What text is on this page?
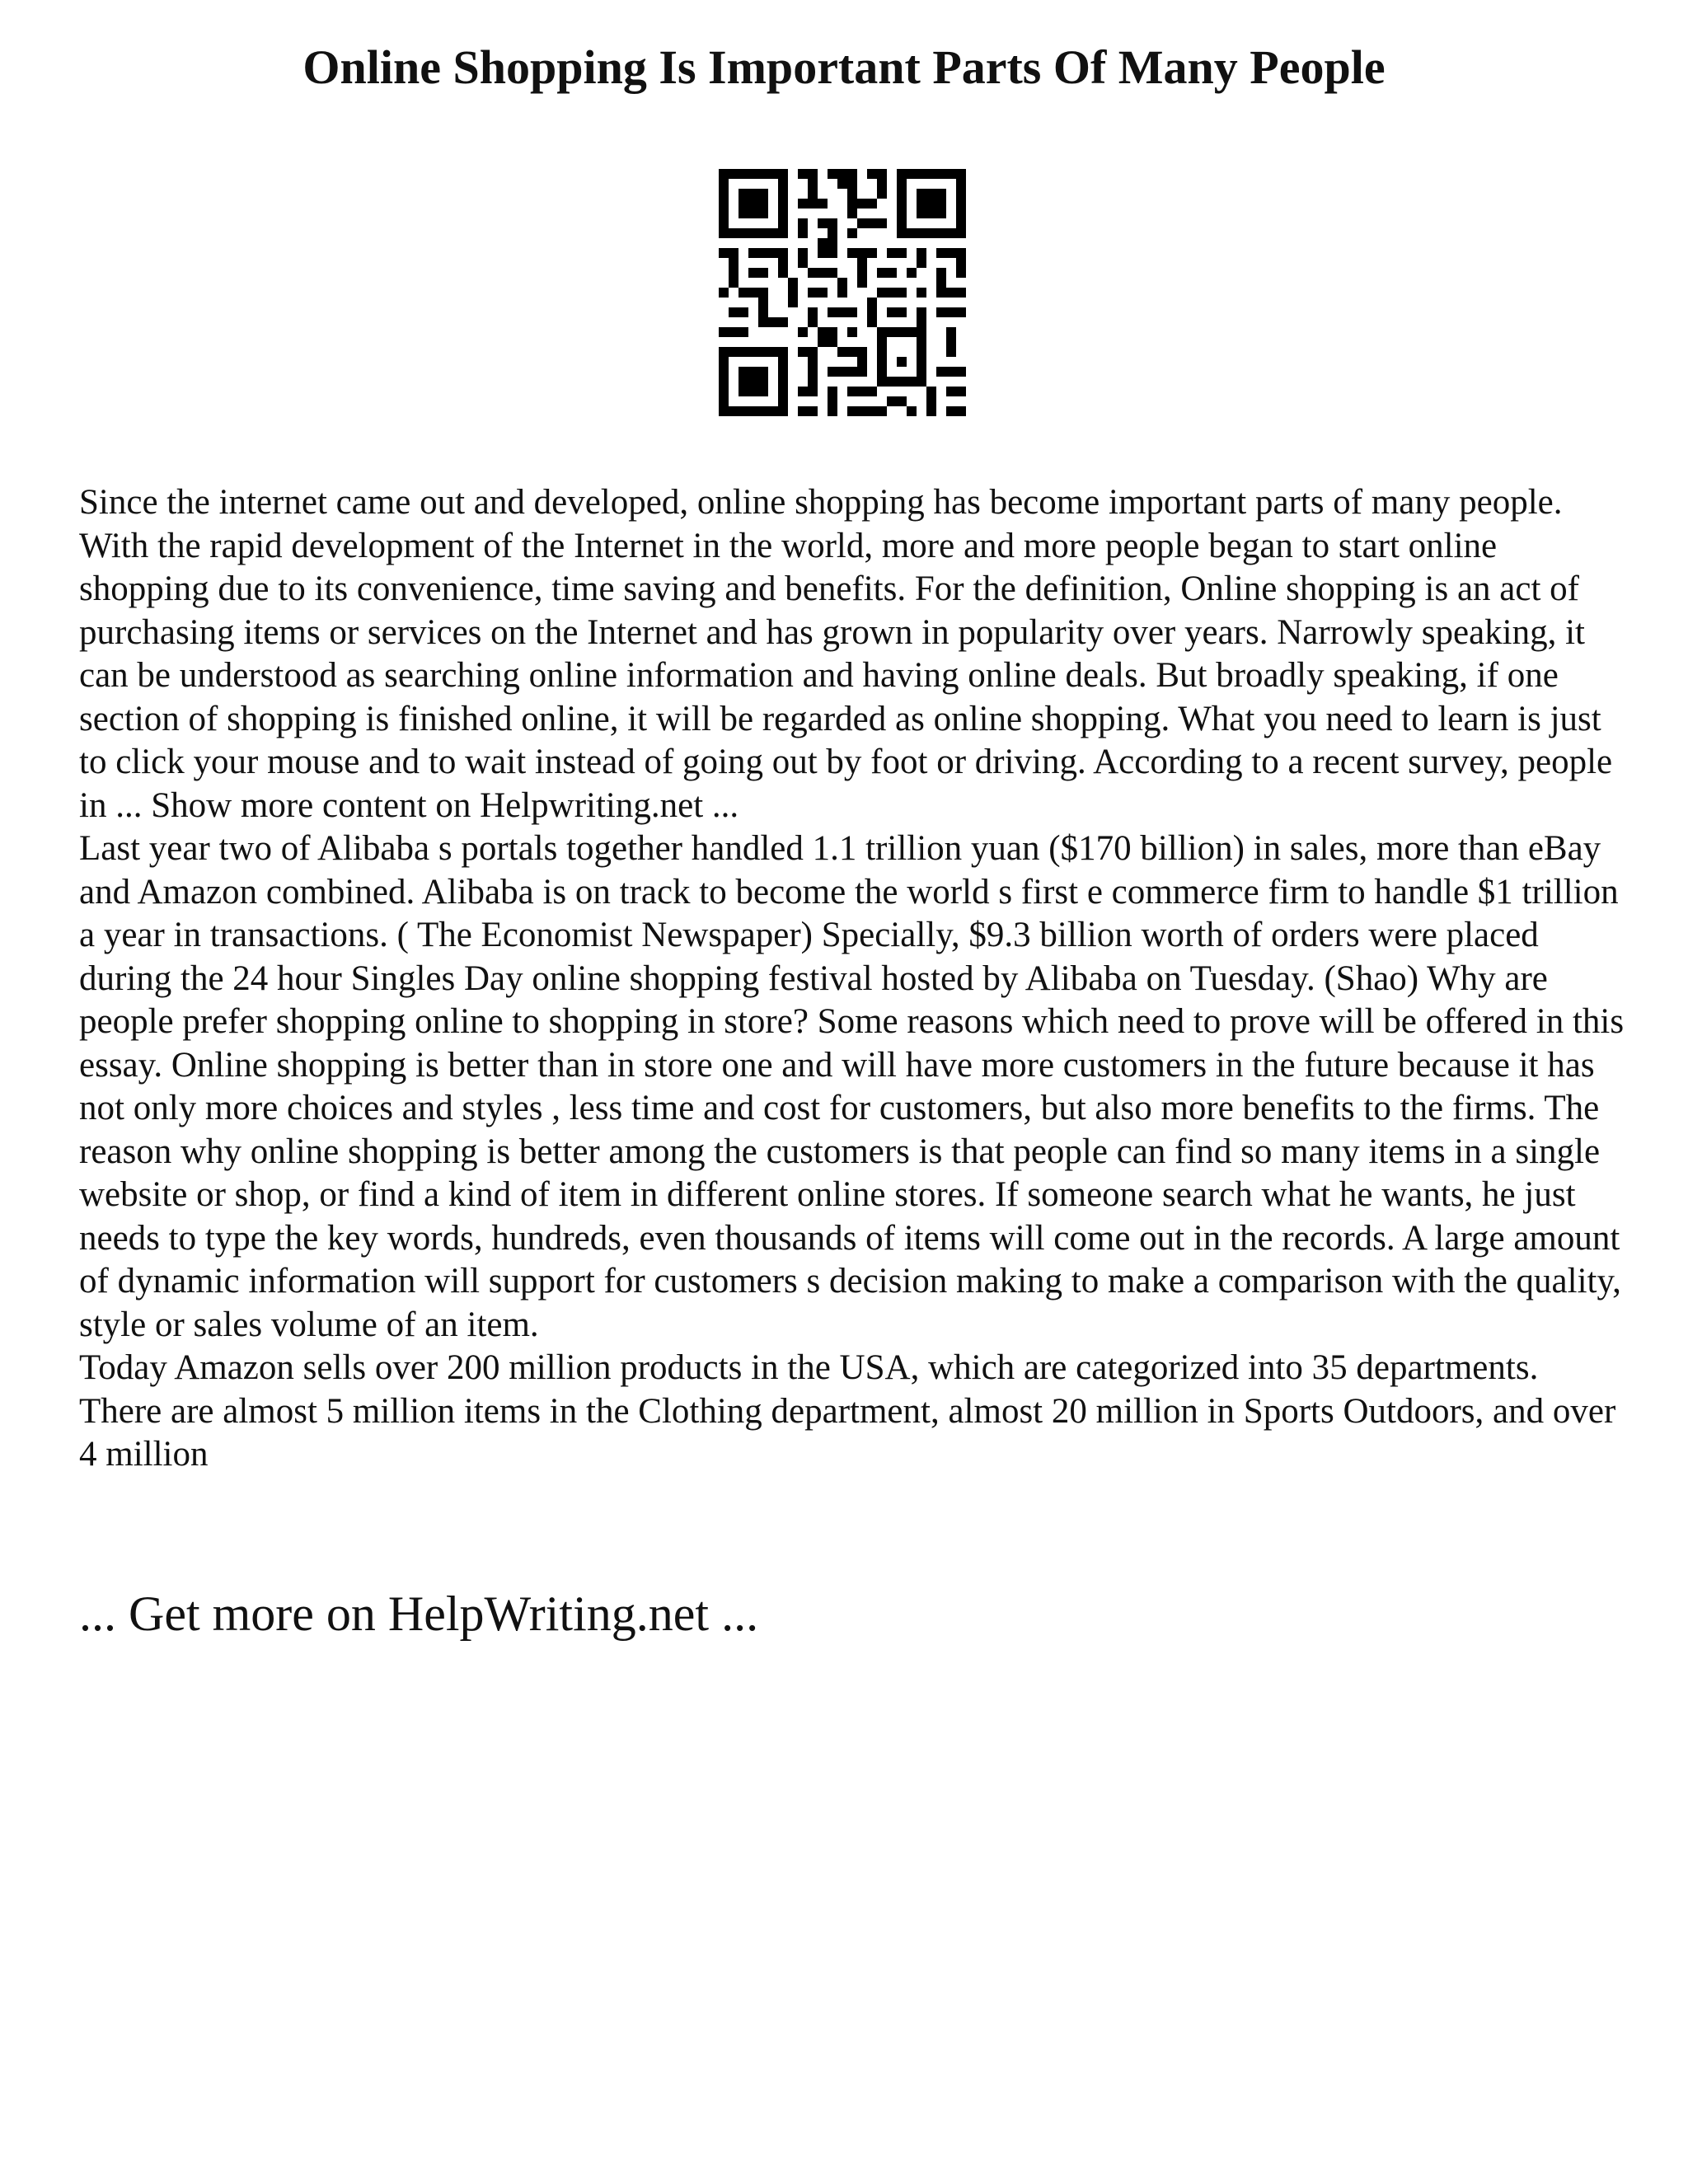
Online Shopping Is Important Parts Of Many People

Since the internet came out and developed, online shopping has become important parts of many people. With the rapid development of the Internet in the world, more and more people began to start online shopping due to its convenience, time saving and benefits. For the definition, Online shopping is an act of purchasing items or services on the Internet and has grown in popularity over years. Narrowly speaking, it can be understood as searching online information and having online deals. But broadly speaking, if one section of shopping is finished online, it will be regarded as online shopping. What you need to learn is just to click your mouse and to wait instead of going out by foot or driving. According to a recent survey, people in ... Show more content on Helpwriting.net ...

Last year two of Alibaba s portals together handled 1.1 trillion yuan ($170 billion) in sales, more than eBay and Amazon combined. Alibaba is on track to become the world s first e commerce firm to handle $1 trillion a year in transactions. ( The Economist Newspaper) Specially, $9.3 billion worth of orders were placed during the 24 hour Singles Day online shopping festival hosted by Alibaba on Tuesday. (Shao) Why are people prefer shopping online to shopping in store? Some reasons which need to prove will be offered in this essay. Online shopping is better than in store one and will have more customers in the future because it has not only more choices and styles , less time and cost for customers, but also more benefits to the firms. The reason why online shopping is better among the customers is that people can find so many items in a single website or shop, or find a kind of item in different online stores. If someone search what he wants, he just needs to type the key words, hundreds, even thousands of items will come out in the records. A large amount of dynamic information will support for customers s decision making to make a comparison with the quality, style or sales volume of an item.

Today Amazon sells over 200 million products in the USA, which are categorized into 35 departments. There are almost 5 million items in the Clothing department, almost 20 million in Sports Outdoors, and over 4 million

... Get more on HelpWriting.net ...
